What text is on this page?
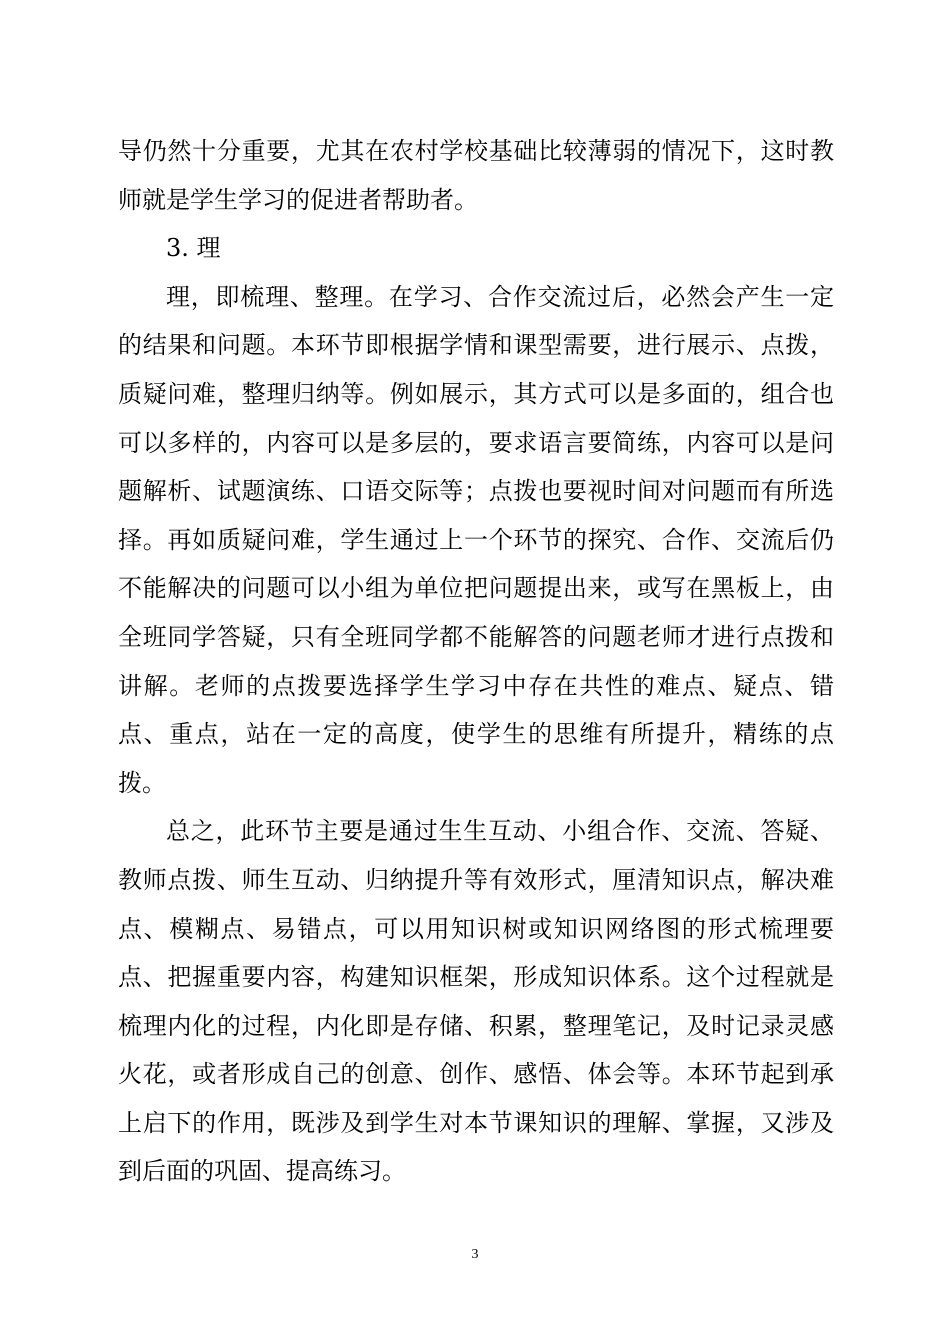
导仍然十分重要，尤其在农村学校基础比较薄弱的情况下，这时教师就是学生学习的促进者帮助者。

3. 理

理，即梳理、整理。在学习、合作交流过后，必然会产生一定的结果和问题。本环节即根据学情和课型需要，进行展示、点拨，质疑问难，整理归纳等。例如展示，其方式可以是多面的，组合也可以多样的，内容可以是多层的，要求语言要简练，内容可以是问题解析、试题演练、口语交际等；点拨也要视时间对问题而有所选择。再如质疑问难，学生通过上一个环节的探究、合作、交流后仍不能解决的问题可以小组为单位把问题提出来，或写在黑板上，由全班同学答疑，只有全班同学都不能解答的问题老师才进行点拨和讲解。老师的点拨要选择学生学习中存在共性的难点、疑点、错点、重点，站在一定的高度，使学生的思维有所提升，精练的点拨。

总之，此环节主要是通过生生互动、小组合作、交流、答疑、教师点拨、师生互动、归纳提升等有效形式，厘清知识点，解决难点、模糊点、易错点，可以用知识树或知识网络图的形式梳理要点、把握重要内容，构建知识框架，形成知识体系。这个过程就是梳理内化的过程，内化即是存储、积累，整理笔记，及时记录灵感火花，或者形成自己的创意、创作、感悟、体会等。本环节起到承上启下的作用，既涉及到学生对本节课知识的理解、掌握，又涉及到后面的巩固、提高练习。

3
